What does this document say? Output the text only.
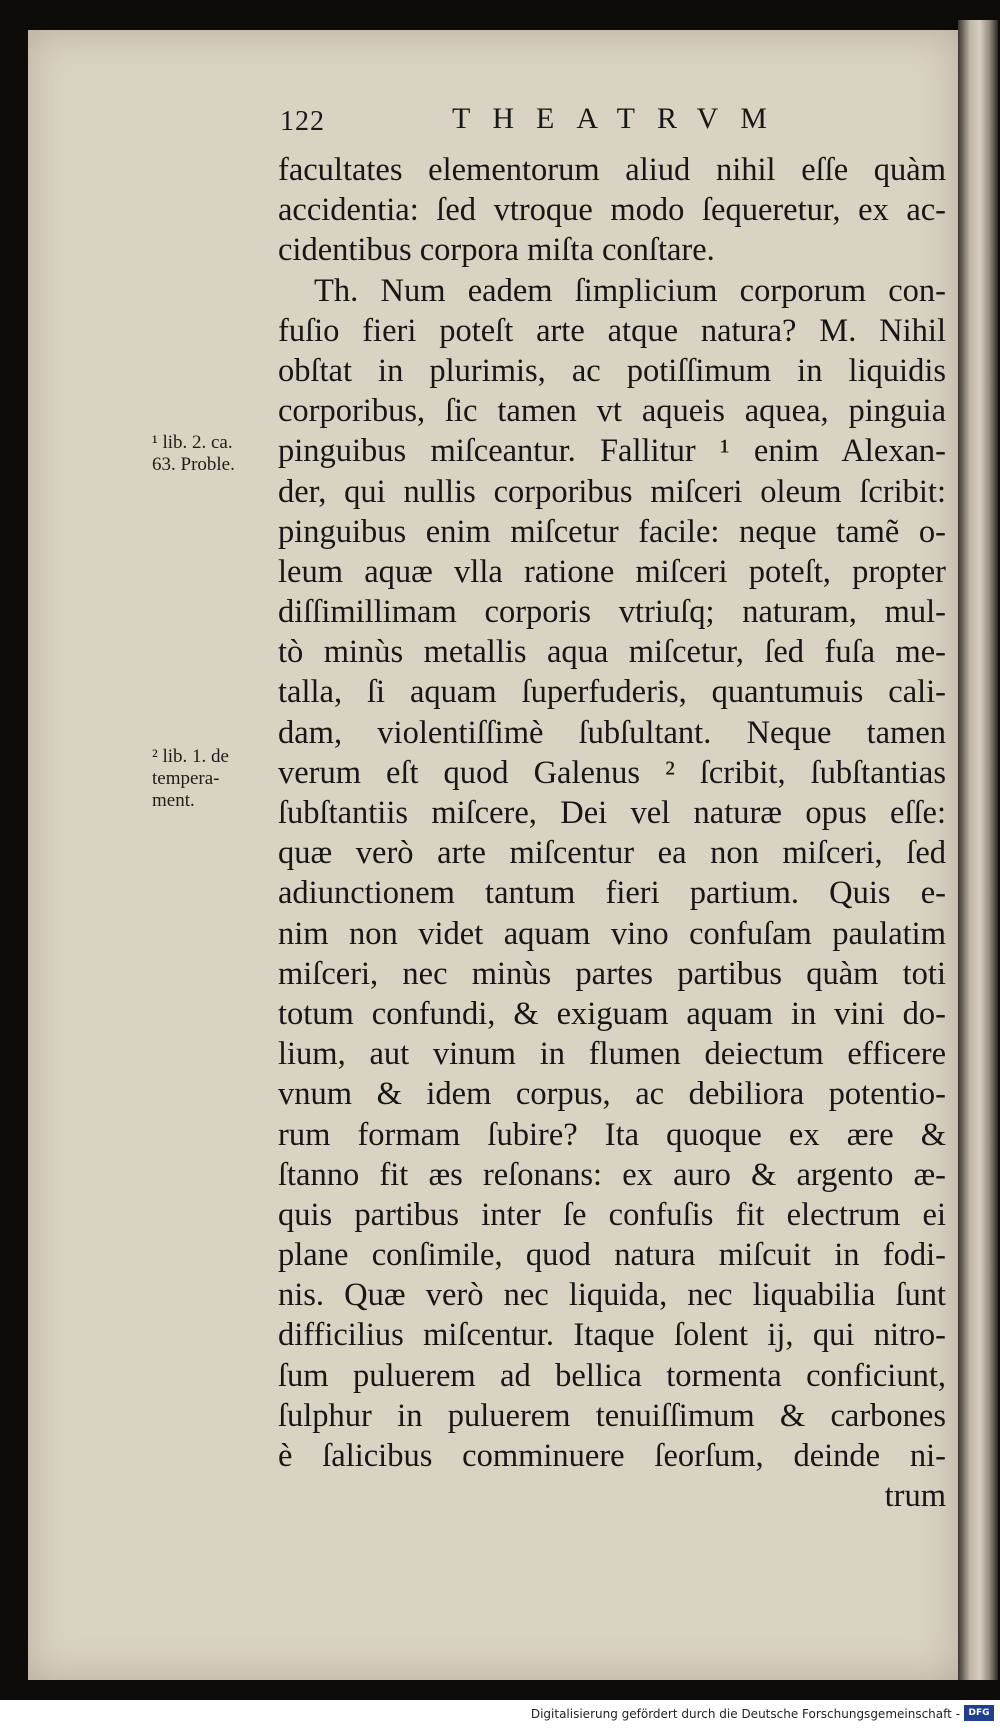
122	THEATRVM
¹ lib. 2. ca.
63. Proble.
² lib. 1. de
tempera-
ment.
facultates elementorum aliud nihil eſſe quàm
accidentia: ſed vtroque modo ſequeretur, ex ac-
cidentibus corpora miſta conſtare.
Th. Num eadem ſimplicium corporum con-
fuſio fieri poteſt arte atque natura? M. Nihil
obſtat in plurimis, ac potiſſimum in liquidis
corporibus, ſic tamen vt aqueis aquea, pinguia
pinguibus miſceantur. Fallitur ¹ enim Alexan-
der, qui nullis corporibus miſceri oleum ſcribit:
pinguibus enim miſcetur facile: neque tamẽ o-
leum aquæ vlla ratione miſceri poteſt, propter
diſſimillimam corporis vtriuſq; naturam, mul-
tò minùs metallis aqua miſcetur, ſed fuſa me-
talla, ſi aquam ſuperfuderis, quantumuis cali-
dam, violentiſſimè ſubſultant. Neque tamen
verum eſt quod Galenus ² ſcribit, ſubſtantias
ſubſtantiis miſcere, Dei vel naturæ opus eſſe:
quæ verò arte miſcentur ea non miſceri, ſed
adiunctionem tantum fieri partium. Quis e-
nim non videt aquam vino confuſam paulatim
miſceri, nec minùs partes partibus quàm toti
totum confundi, & exiguam aquam in vini do-
lium, aut vinum in flumen deiectum efficere
vnum & idem corpus, ac debiliora potentio-
rum formam ſubire? Ita quoque ex ære &
ſtanno fit æs reſonans: ex auro & argento æ-
quis partibus inter ſe confuſis fit electrum ei
plane conſimile, quod natura miſcuit in fodi-
nis. Quæ verò nec liquida, nec liquabilia ſunt
difficilius miſcentur. Itaque ſolent ij, qui nitro-
ſum puluerem ad bellica tormenta conficiunt,
ſulphur in puluerem tenuiſſimum & carbones
è ſalicibus comminuere ſeorſum, deinde ni-
trum
Digitalisierung gefördert durch die Deutsche Forschungsgemeinschaft - DFG
